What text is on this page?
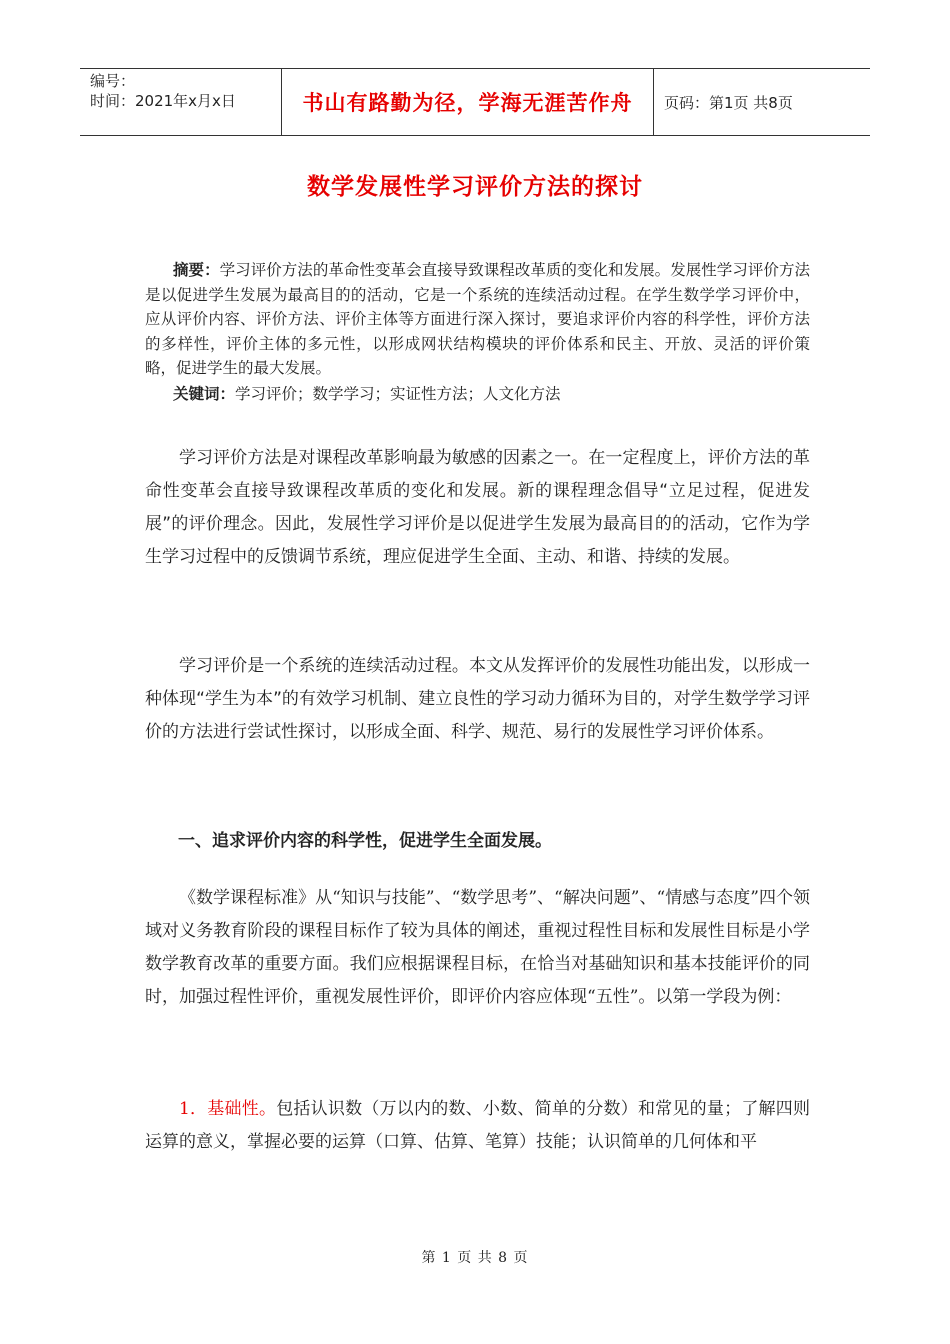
编号：
时间：2021年x月x日	书山有路勤为径，学海无涯苦作舟	页码：第1页 共8页
数学发展性学习评价方法的探讨
摘要：学习评价方法的革命性变革会直接导致课程改革质的变化和发展。发展性学习评价方法是以促进学生发展为最高目的的活动，它是一个系统的连续活动过程。在学生数学学习评价中，应从评价内容、评价方法、评价主体等方面进行深入探讨，要追求评价内容的科学性，评价方法的多样性，评价主体的多元性，以形成网状结构模块的评价体系和民主、开放、灵活的评价策略，促进学生的最大发展。
关键词：学习评价；数学学习；实证性方法；人文化方法
学习评价方法是对课程改革影响最为敏感的因素之一。在一定程度上，评价方法的革命性变革会直接导致课程改革质的变化和发展。新的课程理念倡导“立足过程，促进发展”的评价理念。因此，发展性学习评价是以促进学生发展为最高目的的活动，它作为学生学习过程中的反馈调节系统，理应促进学生全面、主动、和谐、持续的发展。
学习评价是一个系统的连续活动过程。本文从发挥评价的发展性功能出发，以形成一种体现“学生为本”的有效学习机制、建立良性的学习动力循环为目的，对学生数学学习评价的方法进行尝试性探讨，以形成全面、科学、规范、易行的发展性学习评价体系。
一、追求评价内容的科学性，促进学生全面发展。
《数学课程标准》从“知识与技能”、“数学思考”、“解决问题”、“情感与态度”四个领域对义务教育阶段的课程目标作了较为具体的阐述，重视过程性目标和发展性目标是小学数学教育改革的重要方面。我们应根据课程目标，在恰当对基础知识和基本技能评价的同时，加强过程性评价，重视发展性评价，即评价内容应体现“五性”。以第一学段为例：
1．基础性。包括认识数（万以内的数、小数、简单的分数）和常见的量；了解四则运算的意义，掌握必要的运算（口算、估算、笔算）技能；认识简单的几何体和平
第 1 页 共 8 页
